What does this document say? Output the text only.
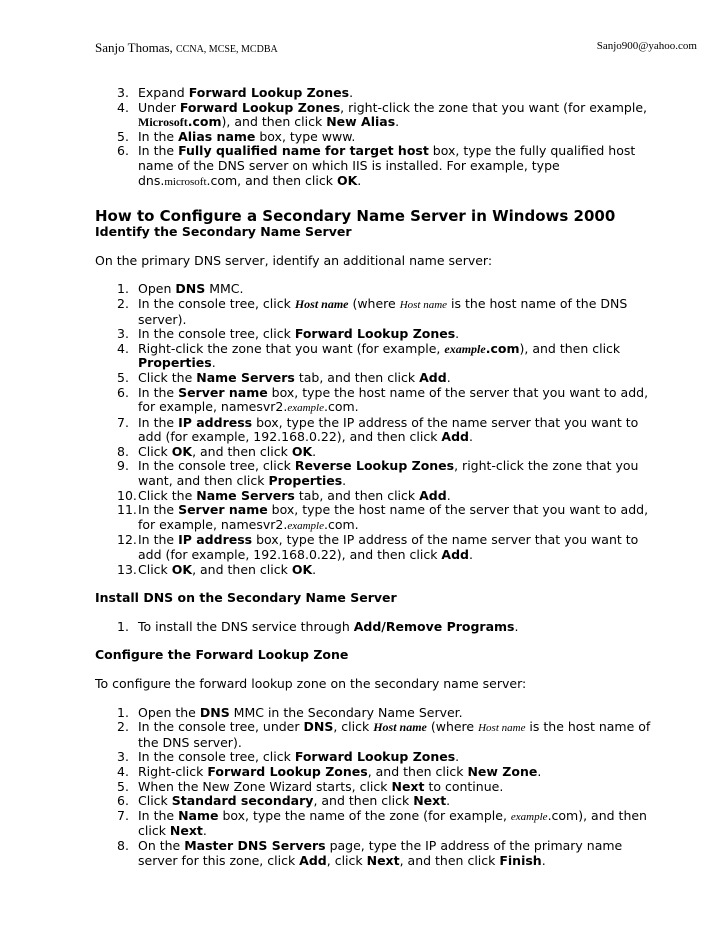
Sanjo Thomas, CCNA, MCSE, MCDBA	Sanjo900@yahoo.com
3. Expand Forward Lookup Zones.
4. Under Forward Lookup Zones, right-click the zone that you want (for example, Microsoft.com), and then click New Alias.
5. In the Alias name box, type www.
6. In the Fully qualified name for target host box, type the fully qualified host name of the DNS server on which IIS is installed. For example, type dns.microsoft.com, and then click OK.
How to Configure a Secondary Name Server in Windows 2000

Identify the Secondary Name Server

On the primary DNS server, identify an additional name server:

1. Open DNS MMC.
2. In the console tree, click Host name (where Host name is the host name of the DNS server).
3. In the console tree, click Forward Lookup Zones.
4. Right-click the zone that you want (for example, example.com), and then click Properties.
5. Click the Name Servers tab, and then click Add.
6. In the Server name box, type the host name of the server that you want to add, for example, namesvr2.example.com.
7. In the IP address box, type the IP address of the name server that you want to add (for example, 192.168.0.22), and then click Add.
8. Click OK, and then click OK.
9. In the console tree, click Reverse Lookup Zones, right-click the zone that you want, and then click Properties.
10. Click the Name Servers tab, and then click Add.
11. In the Server name box, type the host name of the server that you want to add, for example, namesvr2.example.com.
12. In the IP address box, type the IP address of the name server that you want to add (for example, 192.168.0.22), and then click Add.
13. Click OK, and then click OK.

Install DNS on the Secondary Name Server

1. To install the DNS service through Add/Remove Programs.

Configure the Forward Lookup Zone

To configure the forward lookup zone on the secondary name server:

1. Open the DNS MMC in the Secondary Name Server.
2. In the console tree, under DNS, click Host name (where Host name is the host name of the DNS server).
3. In the console tree, click Forward Lookup Zones.
4. Right-click Forward Lookup Zones, and then click New Zone.
5. When the New Zone Wizard starts, click Next to continue.
6. Click Standard secondary, and then click Next.
7. In the Name box, type the name of the zone (for example, example.com), and then click Next.
8. On the Master DNS Servers page, type the IP address of the primary name server for this zone, click Add, click Next, and then click Finish.
